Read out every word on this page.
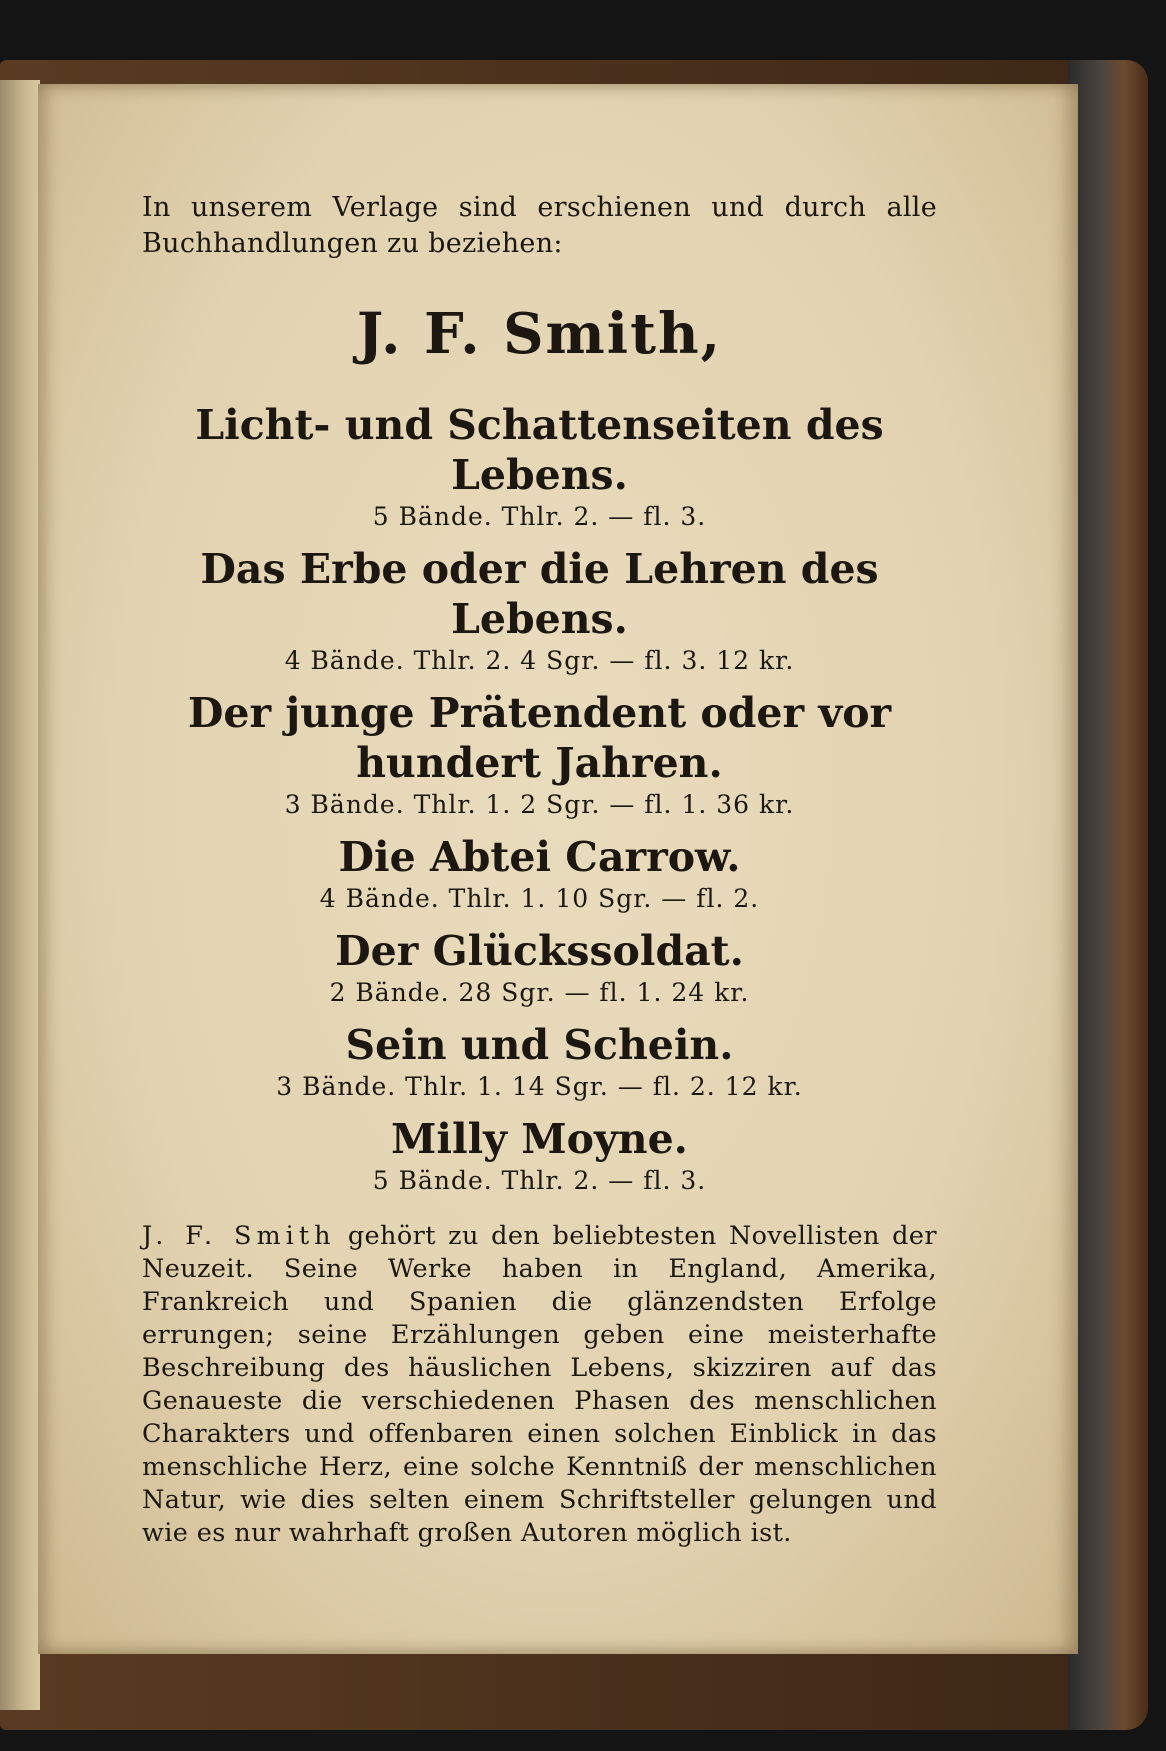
In unserem Verlage sind erschienen und durch alle Buchhandlungen zu beziehen:

J. F. Smith,

Licht- und Schattenseiten des Lebens.

5 Bände. Thlr. 2. — fl. 3.

Das Erbe oder die Lehren des Lebens.

4 Bände. Thlr. 2. 4 Sgr. — fl. 3. 12 kr.

Der junge Prätendent oder vor hundert Jahren.

3 Bände. Thlr. 1. 2 Sgr. — fl. 1. 36 kr.

Die Abtei Carrow.

4 Bände. Thlr. 1. 10 Sgr. — fl. 2.

Der Glückssoldat.

2 Bände. 28 Sgr. — fl. 1. 24 kr.

Sein und Schein.

3 Bände. Thlr. 1. 14 Sgr. — fl. 2. 12 kr.

Milly Moyne.

5 Bände. Thlr. 2. — fl. 3.

J. F. Smith gehört zu den beliebtesten Novellisten der Neuzeit. Seine Werke haben in England, Amerika, Frankreich und Spanien die glänzendsten Erfolge errungen; seine Erzählungen geben eine meisterhafte Beschreibung des häuslichen Lebens, skizziren auf das Genaueste die verschiedenen Phasen des menschlichen Charakters und offenbaren einen solchen Einblick in das menschliche Herz, eine solche Kenntniß der menschlichen Natur, wie dies selten einem Schriftsteller gelungen und wie es nur wahrhaft großen Autoren möglich ist.
